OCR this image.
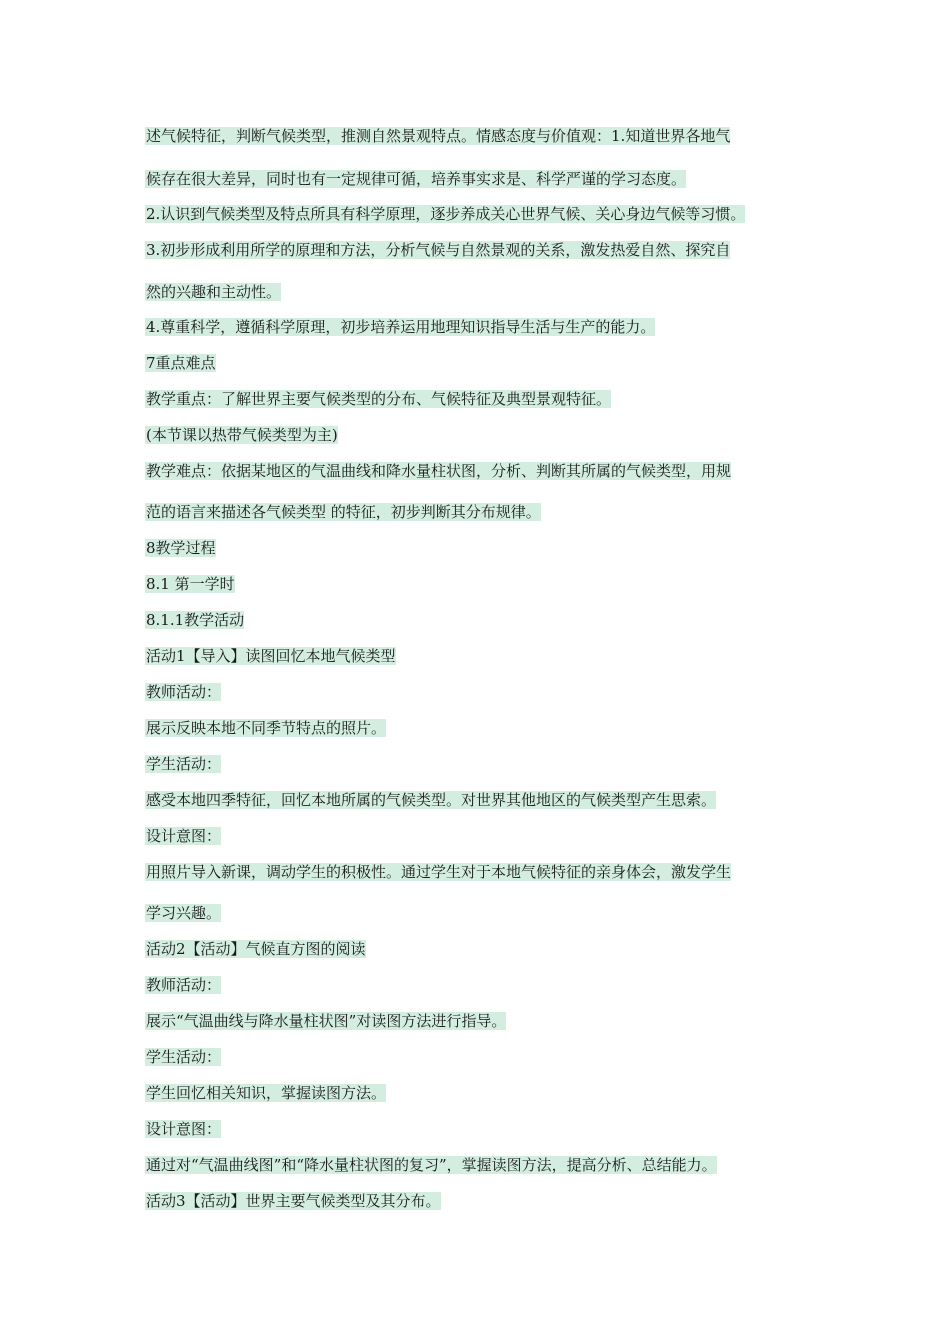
述气候特征，判断气候类型，推测自然景观特点。情感态度与价值观：1.知道世界各地气
候存在很大差异，同时也有一定规律可循，培养事实求是、科学严谨的学习态度。
2.认识到气候类型及特点所具有科学原理，逐步养成关心世界气候、关心身边气候等习惯。
3.初步形成利用所学的原理和方法，分析气候与自然景观的关系，激发热爱自然、探究自
然的兴趣和主动性。
4.尊重科学，遵循科学原理，初步培养运用地理知识指导生活与生产的能力。
7重点难点
教学重点：了解世界主要气候类型的分布、气候特征及典型景观特征。
(本节课以热带气候类型为主)
教学难点：依据某地区的气温曲线和降水量柱状图，分析、判断其所属的气候类型，用规
范的语言来描述各气候类型 的特征，初步判断其分布规律。
8教学过程
8.1 第一学时
8.1.1教学活动
活动1【导入】读图回忆本地气候类型
教师活动：
展示反映本地不同季节特点的照片。
学生活动：
感受本地四季特征，回忆本地所属的气候类型。对世界其他地区的气候类型产生思索。
设计意图：
用照片导入新课，调动学生的积极性。通过学生对于本地气候特征的亲身体会，激发学生
学习兴趣。
活动2【活动】气候直方图的阅读
教师活动：
展示“气温曲线与降水量柱状图”对读图方法进行指导。
学生活动：
学生回忆相关知识，掌握读图方法。
设计意图：
通过对“气温曲线图”和“降水量柱状图的复习”，掌握读图方法，提高分析、总结能力。
活动3【活动】世界主要气候类型及其分布。
